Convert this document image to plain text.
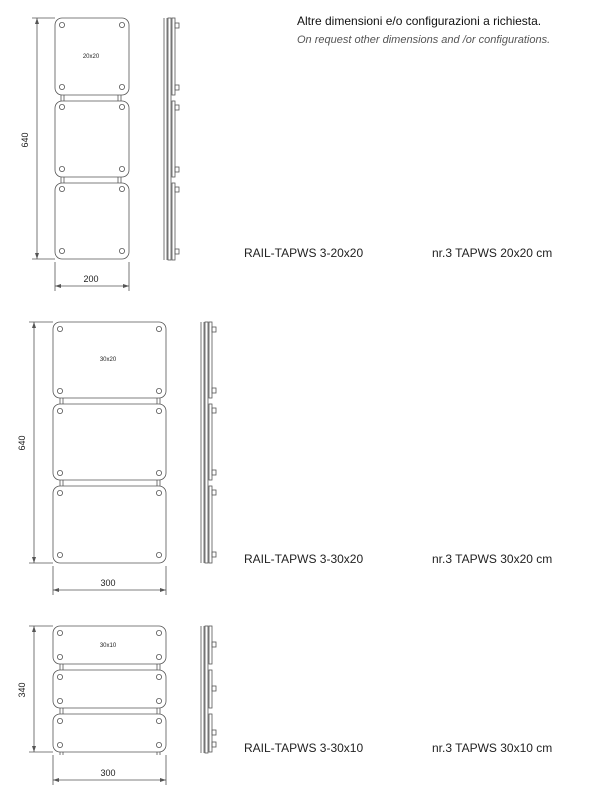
Altre dimensioni e/o configurazioni a richiesta.
On request other dimensions and /or configurations.
20x20
640
200
30x20
640
300
30x10
340
300
RAIL-TAPWS 3-20x20	nr.3 TAPWS 20x20 cm
RAIL-TAPWS 3-30x20	nr.3 TAPWS 30x20 cm
RAIL-TAPWS 3-30x10	nr.3 TAPWS 30x10 cm
